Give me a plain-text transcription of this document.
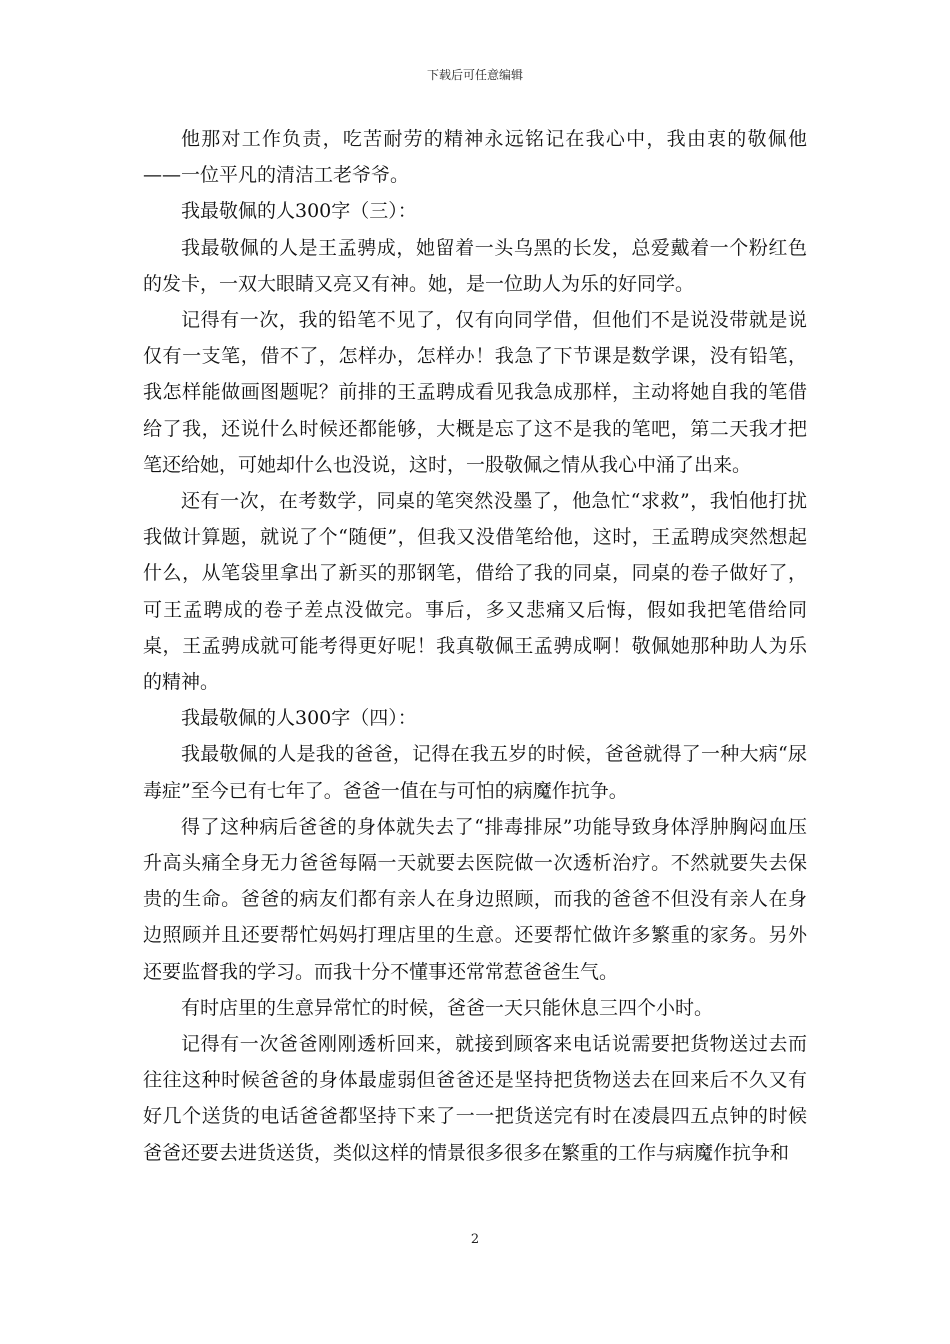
下载后可任意编辑

他那对工作负责，吃苦耐劳的精神永远铭记在我心中，我由衷的敬佩他——一位平凡的清洁工老爷爷。

我最敬佩的人300字（三）：

我最敬佩的人是王孟骋成，她留着一头乌黑的长发，总爱戴着一个粉红色的发卡，一双大眼睛又亮又有神。她，是一位助人为乐的好同学。

记得有一次，我的铅笔不见了，仅有向同学借，但他们不是说没带就是说仅有一支笔，借不了，怎样办，怎样办！我急了下节课是数学课，没有铅笔，我怎样能做画图题呢？前排的王孟聘成看见我急成那样，主动将她自我的笔借给了我，还说什么时候还都能够，大概是忘了这不是我的笔吧，第二天我才把笔还给她，可她却什么也没说，这时，一股敬佩之情从我心中涌了出来。

还有一次，在考数学，同桌的笔突然没墨了，他急忙“求救”，我怕他打扰我做计算题，就说了个“随便”，但我又没借笔给他，这时，王孟聘成突然想起什么，从笔袋里拿出了新买的那钢笔，借给了我的同桌，同桌的卷子做好了，可王孟聘成的卷子差点没做完。事后，多又悲痛又后悔，假如我把笔借给同桌，王孟骋成就可能考得更好呢！我真敬佩王孟骋成啊！敬佩她那种助人为乐的精神。

我最敬佩的人300字（四）：

我最敬佩的人是我的爸爸，记得在我五岁的时候，爸爸就得了一种大病“尿毒症”至今已有七年了。爸爸一值在与可怕的病魔作抗争。

得了这种病后爸爸的身体就失去了“排毒排尿”功能导致身体浮肿胸闷血压升高头痛全身无力爸爸每隔一天就要去医院做一次透析治疗。不然就要失去保贵的生命。爸爸的病友们都有亲人在身边照顾，而我的爸爸不但没有亲人在身边照顾并且还要帮忙妈妈打理店里的生意。还要帮忙做许多繁重的家务。另外还要监督我的学习。而我十分不懂事还常常惹爸爸生气。

有时店里的生意异常忙的时候，爸爸一天只能休息三四个小时。

记得有一次爸爸刚刚透析回来，就接到顾客来电话说需要把货物送过去而往往这种时候爸爸的身体最虚弱但爸爸还是坚持把货物送去在回来后不久又有好几个送货的电话爸爸都坚持下来了一一把货送完有时在凌晨四五点钟的时候爸爸还要去进货送货，类似这样的情景很多很多在繁重的工作与病魔作抗争和

2
